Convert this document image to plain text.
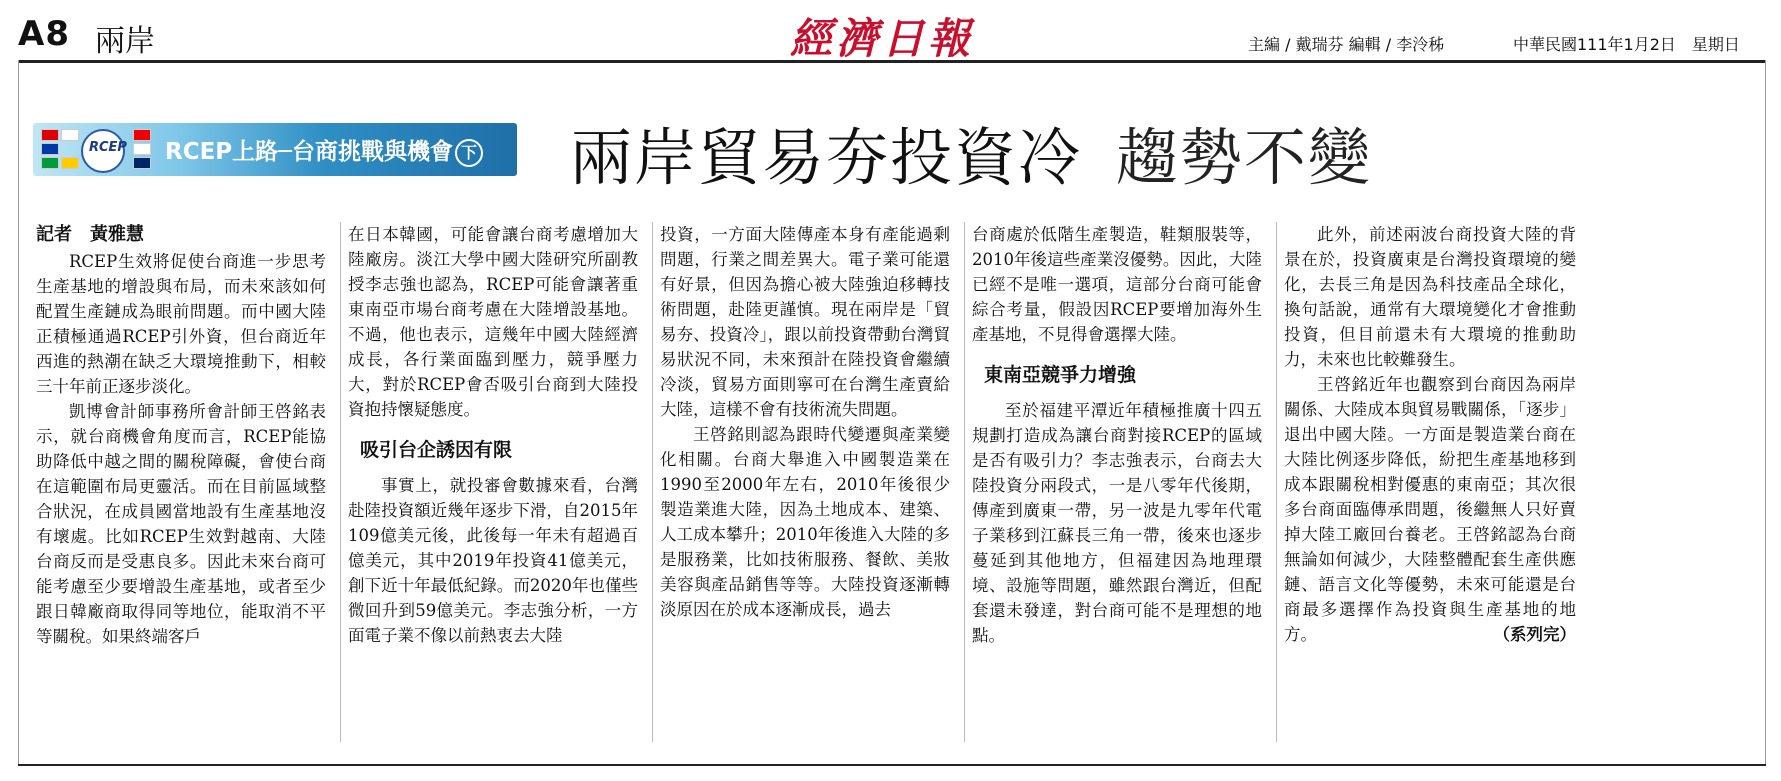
A8 兩岸	經濟日報	主編 / 戴瑞芬 編輯 / 李泠秭	中華民國111年1月2日　星期日
RCEP RCEP上路─台商挑戰與機會 下 兩岸貿易夯投資冷 趨勢不變

記者　黃雅慧

RCEP生效將促使台商進一步思考生產基地的增設與布局，而未來該如何配置生產鏈成為眼前問題。而中國大陸正積極通過RCEP引外資，但台商近年西進的熱潮在缺乏大環境推動下，相較三十年前正逐步淡化。

凱博會計師事務所會計師王啓銘表示，就台商機會角度而言，RCEP能協助降低中越之間的關稅障礙，會使台商在這範圍布局更靈活。而在目前區域整合狀況，在成員國當地設有生產基地沒有壞處。比如RCEP生效對越南、大陸台商反而是受惠良多。因此未來台商可能考慮至少要增設生產基地，或者至少跟日韓廠商取得同等地位，能取消不平等關稅。如果終端客戶

在日本韓國，可能會讓台商考慮增加大陸廠房。淡江大學中國大陸研究所副教授李志強也認為，RCEP可能會讓著重東南亞市場台商考慮在大陸增設基地。不過，他也表示，這幾年中國大陸經濟成長，各行業面臨到壓力，競爭壓力大，對於RCEP會否吸引台商到大陸投資抱持懷疑態度。

吸引台企誘因有限

事實上，就投審會數據來看，台灣赴陸投資額近幾年逐步下滑，自2015年109億美元後，此後每一年未有超過百億美元，其中2019年投資41億美元，創下近十年最低紀錄。而2020年也僅些微回升到59億美元。李志強分析，一方面電子業不像以前熱衷去大陸

投資，一方面大陸傳產本身有產能過剩問題，行業之間差異大。電子業可能還有好景，但因為擔心被大陸強迫移轉技術問題，赴陸更謹慎。現在兩岸是「貿易夯、投資冷」，跟以前投資帶動台灣貿易狀況不同，未來預計在陸投資會繼續冷淡，貿易方面則寧可在台灣生產賣給大陸，這樣不會有技術流失問題。

王啓銘則認為跟時代變遷與產業變化相關。台商大舉進入中國製造業在1990至2000年左右，2010年後很少製造業進大陸，因為土地成本、建築、人工成本攀升；2010年後進入大陸的多是服務業，比如技術服務、餐飲、美妝美容與產品銷售等等。大陸投資逐漸轉淡原因在於成本逐漸成長，過去

台商處於低階生產製造，鞋類服裝等，2010年後這些產業沒優勢。因此，大陸已經不是唯一選項，這部分台商可能會綜合考量，假設因RCEP要增加海外生產基地，不見得會選擇大陸。

東南亞競爭力增強

至於福建平潭近年積極推廣十四五規劃打造成為讓台商對接RCEP的區域是否有吸引力？李志強表示，台商去大陸投資分兩段式，一是八零年代後期，傳產到廣東一帶，另一波是九零年代電子業移到江蘇長三角一帶，後來也逐步蔓延到其他地方，但福建因為地理環境、設施等問題，雖然跟台灣近，但配套還未發達，對台商可能不是理想的地點。

此外，前述兩波台商投資大陸的背景在於，投資廣東是台灣投資環境的變化，去長三角是因為科技產品全球化，換句話說，通常有大環境變化才會推動投資，但目前還未有大環境的推動助力，未來也比較難發生。

王啓銘近年也觀察到台商因為兩岸關係、大陸成本與貿易戰關係，「逐步」退出中國大陸。一方面是製造業台商在大陸比例逐步降低，紛把生產基地移到成本跟關稅相對優惠的東南亞；其次很多台商面臨傳承問題，後繼無人只好賣掉大陸工廠回台養老。王啓銘認為台商無論如何減少，大陸整體配套生產供應鏈、語言文化等優勢，未來可能還是台商最多選擇作為投資與生產基地的地方。	（系列完）
